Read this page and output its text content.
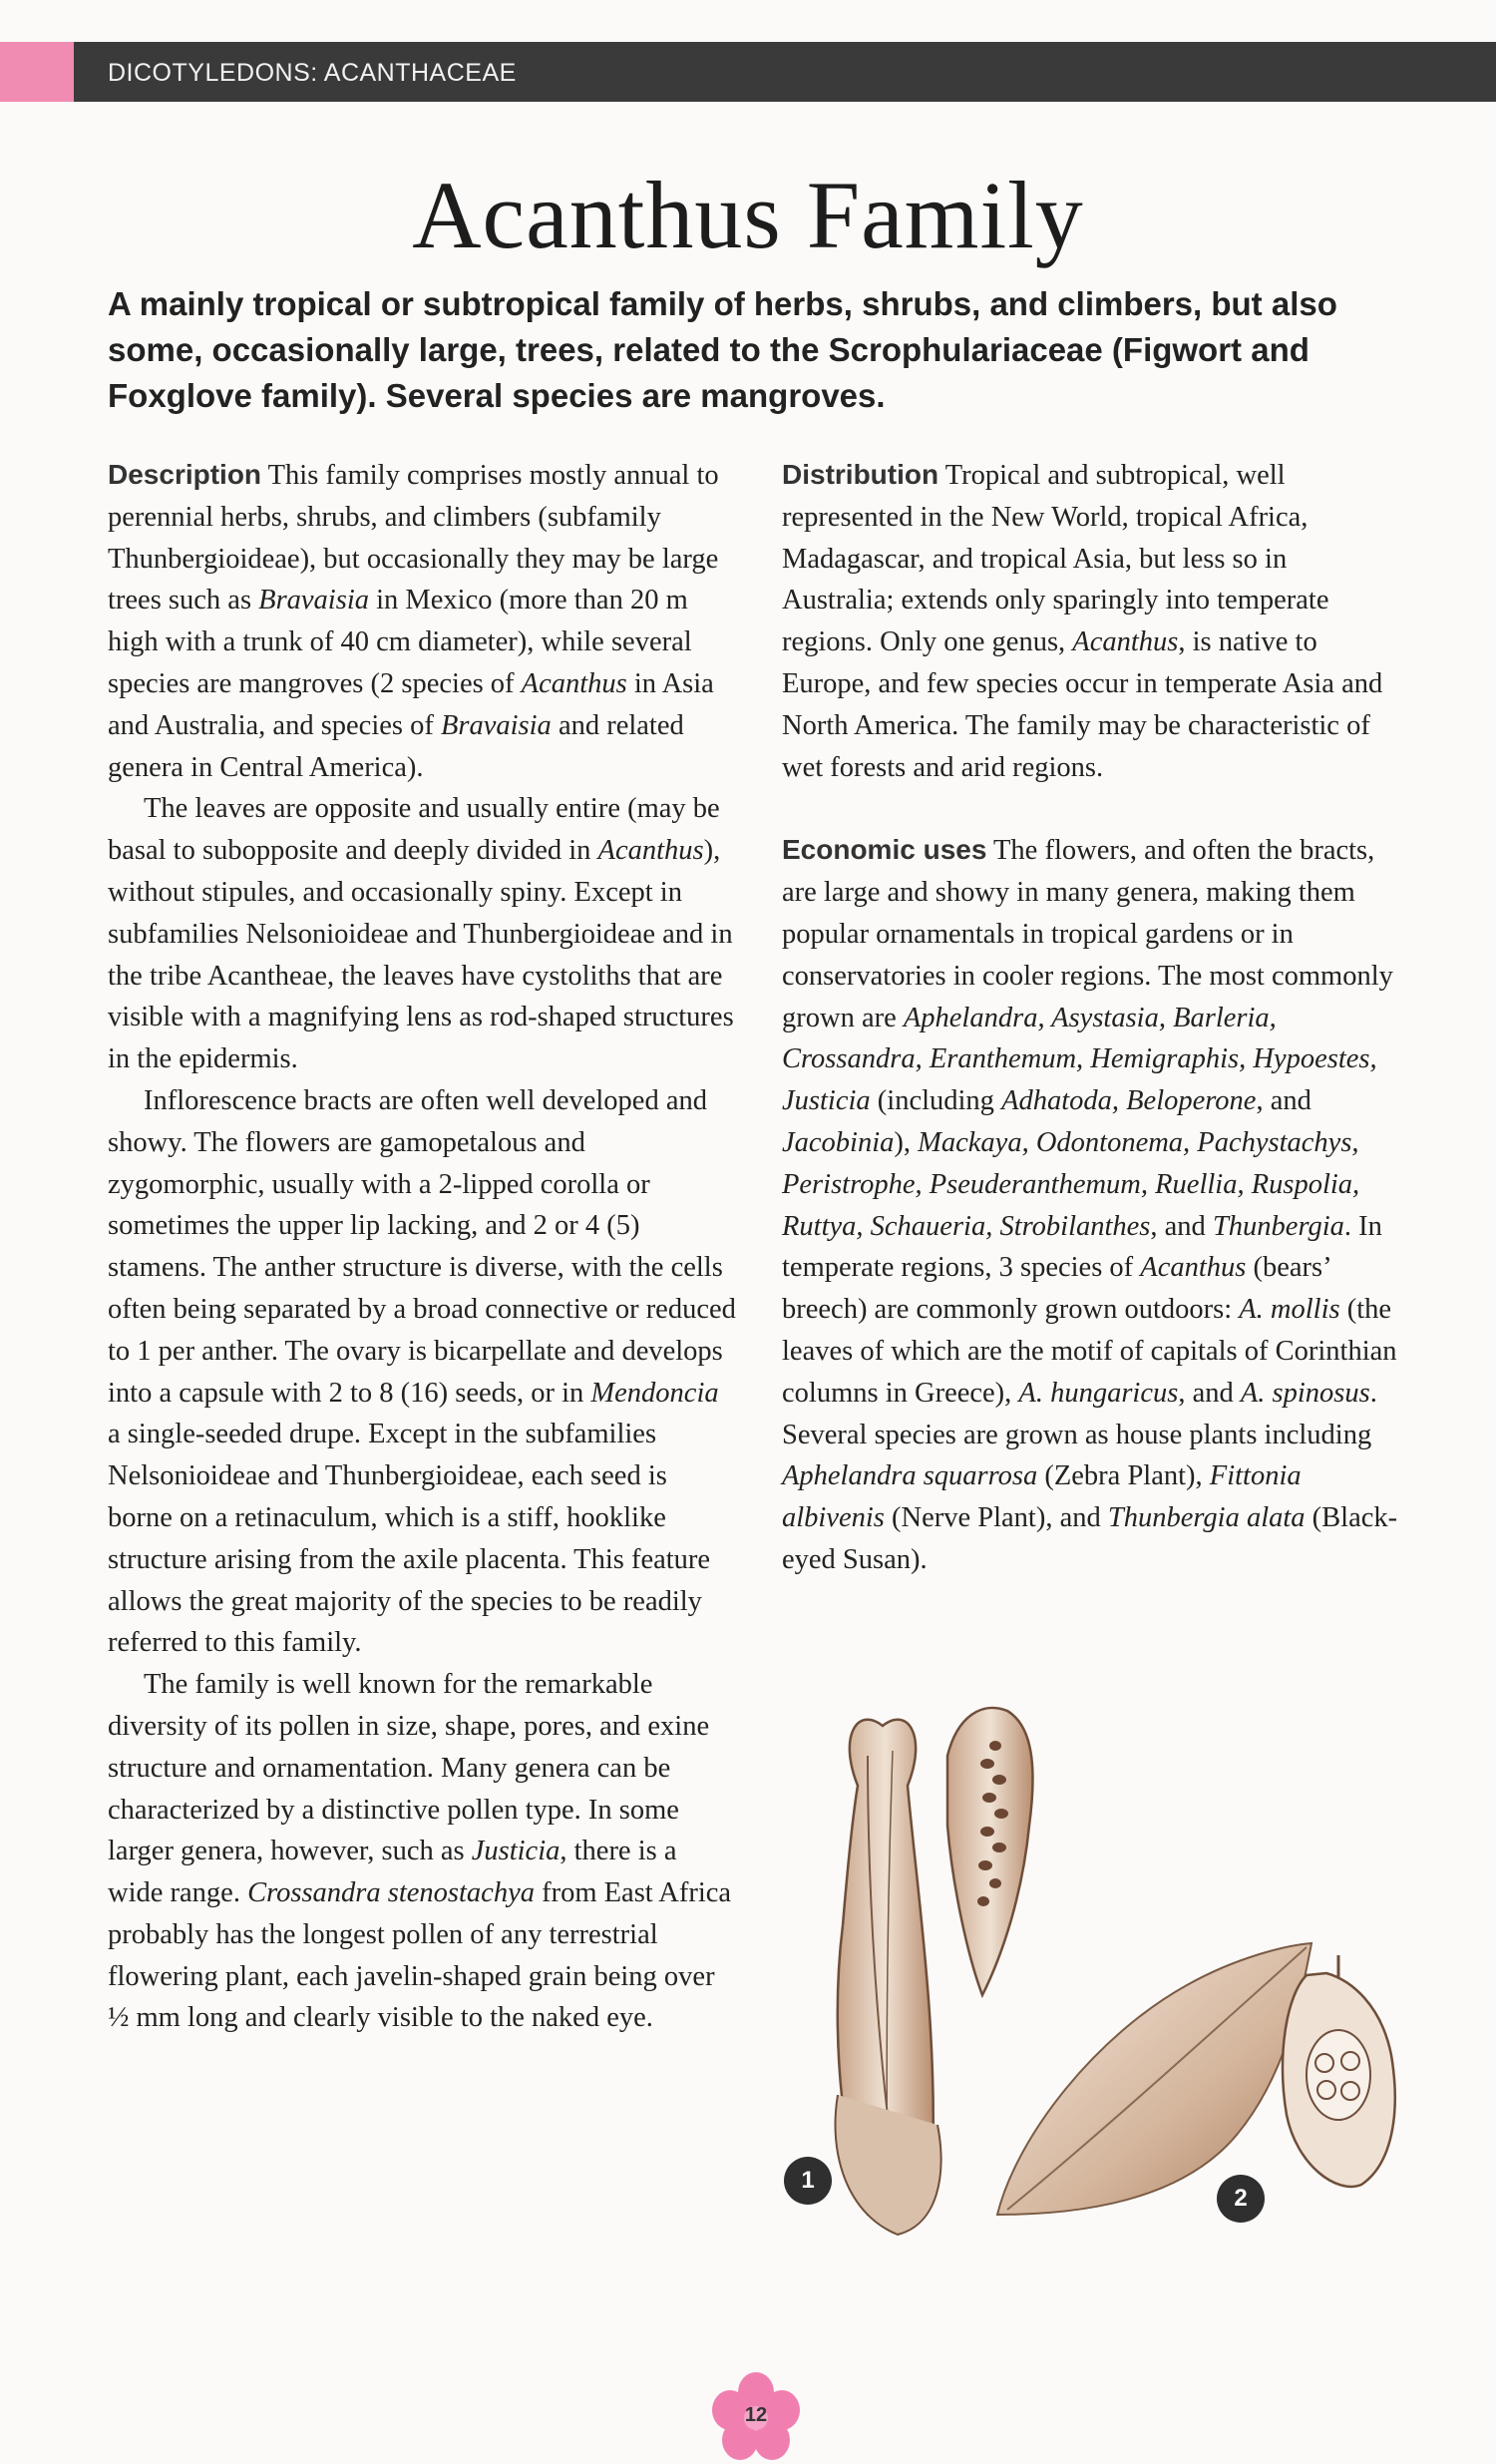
DICOTYLEDONS: ACANTHACEAE
Acanthus Family
A mainly tropical or subtropical family of herbs, shrubs, and climbers, but also some, occasionally large, trees, related to the Scrophulariaceae (Figwort and Foxglove family). Several species are mangroves.

Description This family comprises mostly annual to perennial herbs, shrubs, and climbers (subfamily Thunbergioideae), but occasionally they may be large trees such as Bravaisia in Mexico (more than 20 m high with a trunk of 40 cm diameter), while several species are mangroves (2 species of Acanthus in Asia and Australia, and species of Bravaisia and related genera in Central America).

The leaves are opposite and usually entire (may be basal to subopposite and deeply divided in Acanthus), without stipules, and occasionally spiny. Except in subfamilies Nelsonioideae and Thunbergioideae and in the tribe Acantheae, the leaves have cystoliths that are visible with a magnifying lens as rod-shaped structures in the epidermis.

Inflorescence bracts are often well developed and showy. The flowers are gamopetalous and zygomorphic, usually with a 2-lipped corolla or sometimes the upper lip lacking, and 2 or 4 (5) stamens. The anther structure is diverse, with the cells often being separated by a broad connective or reduced to 1 per anther. The ovary is bicarpellate and develops into a capsule with 2 to 8 (16) seeds, or in Mendoncia a single-seeded drupe. Except in the subfamilies Nelsonioideae and Thunbergioideae, each seed is borne on a retinaculum, which is a stiff, hooklike structure arising from the axile placenta. This feature allows the great majority of the species to be readily referred to this family.

The family is well known for the remarkable diversity of its pollen in size, shape, pores, and exine structure and ornamentation. Many genera can be characterized by a distinctive pollen type. In some larger genera, however, such as Justicia, there is a wide range. Crossandra stenostachya from East Africa probably has the longest pollen of any terrestrial flowering plant, each javelin-shaped grain being over ½ mm long and clearly visible to the naked eye.

Distribution Tropical and subtropical, well represented in the New World, tropical Africa, Madagascar, and tropical Asia, but less so in Australia; extends only sparingly into temperate regions. Only one genus, Acanthus, is native to Europe, and few species occur in temperate Asia and North America. The family may be characteristic of wet forests and arid regions.

Economic uses The flowers, and often the bracts, are large and showy in many genera, making them popular ornamentals in tropical gardens or in conservatories in cooler regions. The most commonly grown are Aphelandra, Asystasia, Barleria, Crossandra, Eranthemum, Hemigraphis, Hypoestes, Justicia (including Adhatoda, Beloperone, and Jacobinia), Mackaya, Odontonema, Pachystachys, Peristrophe, Pseuderanthemum, Ruellia, Ruspolia, Ruttya, Schaueria, Strobilanthes, and Thunbergia. In temperate regions, 3 species of Acanthus (bears’ breech) are commonly grown outdoors: A. mollis (the leaves of which are the motif of capitals of Corinthian columns in Greece), A. hungaricus, and A. spinosus. Several species are grown as house plants including Aphelandra squarrosa (Zebra Plant), Fittonia albivenis (Nerve Plant), and Thunbergia alata (Black-eyed Susan).

1
2
12
